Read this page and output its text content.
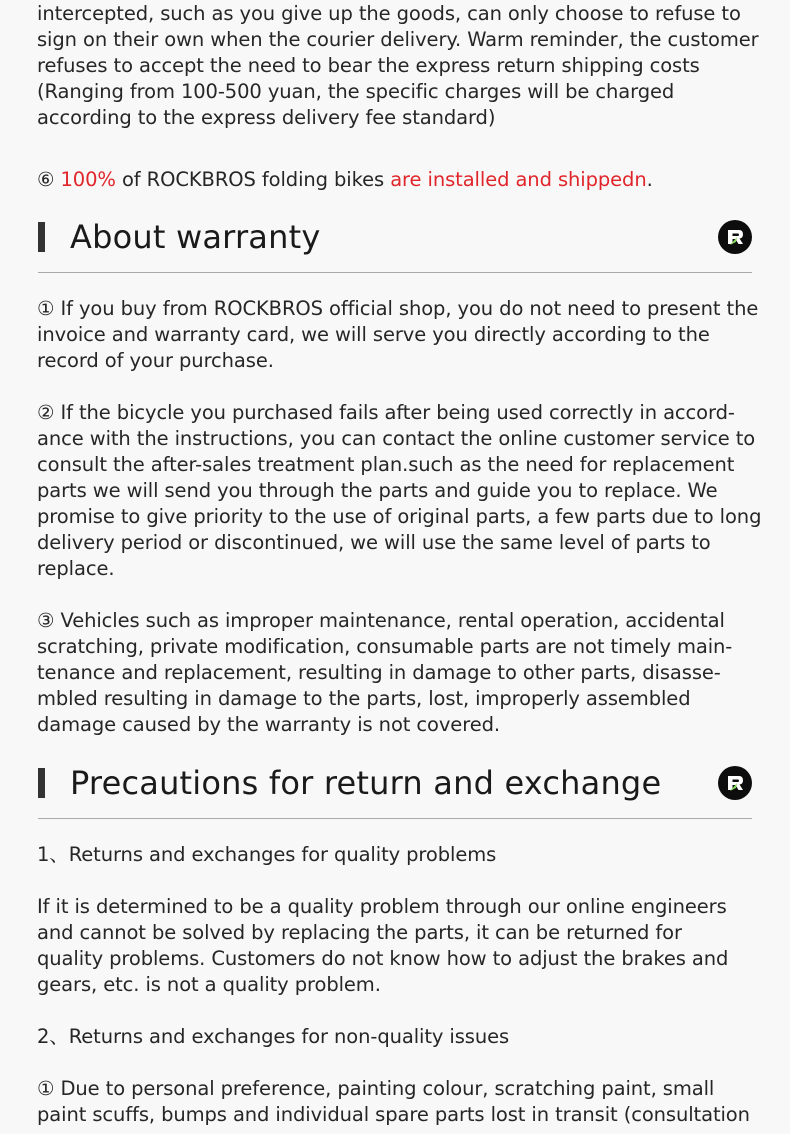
intercepted, such as you give up the goods, can only choose to refuse to
sign on their own when the courier delivery. Warm reminder, the customer
refuses to accept the need to bear the express return shipping costs
(Ranging from 100-500 yuan, the specific charges will be charged
according to the express delivery fee standard)
⑥ 100% of ROCKBROS folding bikes are installed and shippedn.
About warranty
① If you buy from ROCKBROS official shop, you do not need to present the
invoice and warranty card, we will serve you directly according to the
record of your purchase.
② If the bicycle you purchased fails after being used correctly in accord-
ance with the instructions, you can contact the online customer service to
consult the after-sales treatment plan.such as the need for replacement
parts we will send you through the parts and guide you to replace. We
promise to give priority to the use of original parts, a few parts due to long
delivery period or discontinued, we will use the same level of parts to
replace.
③ Vehicles such as improper maintenance, rental operation, accidental
scratching, private modification, consumable parts are not timely main-
tenance and replacement, resulting in damage to other parts, disasse-
mbled resulting in damage to the parts, lost, improperly assembled
damage caused by the warranty is not covered.
Precautions for return and exchange
1、Returns and exchanges for quality problems
If it is determined to be a quality problem through our online engineers
and cannot be solved by replacing the parts, it can be returned for
quality problems. Customers do not know how to adjust the brakes and
gears, etc. is not a quality problem.
2、Returns and exchanges for non-quality issues
① Due to personal preference, painting colour, scratching paint, small
paint scuffs, bumps and individual spare parts lost in transit (consultation
